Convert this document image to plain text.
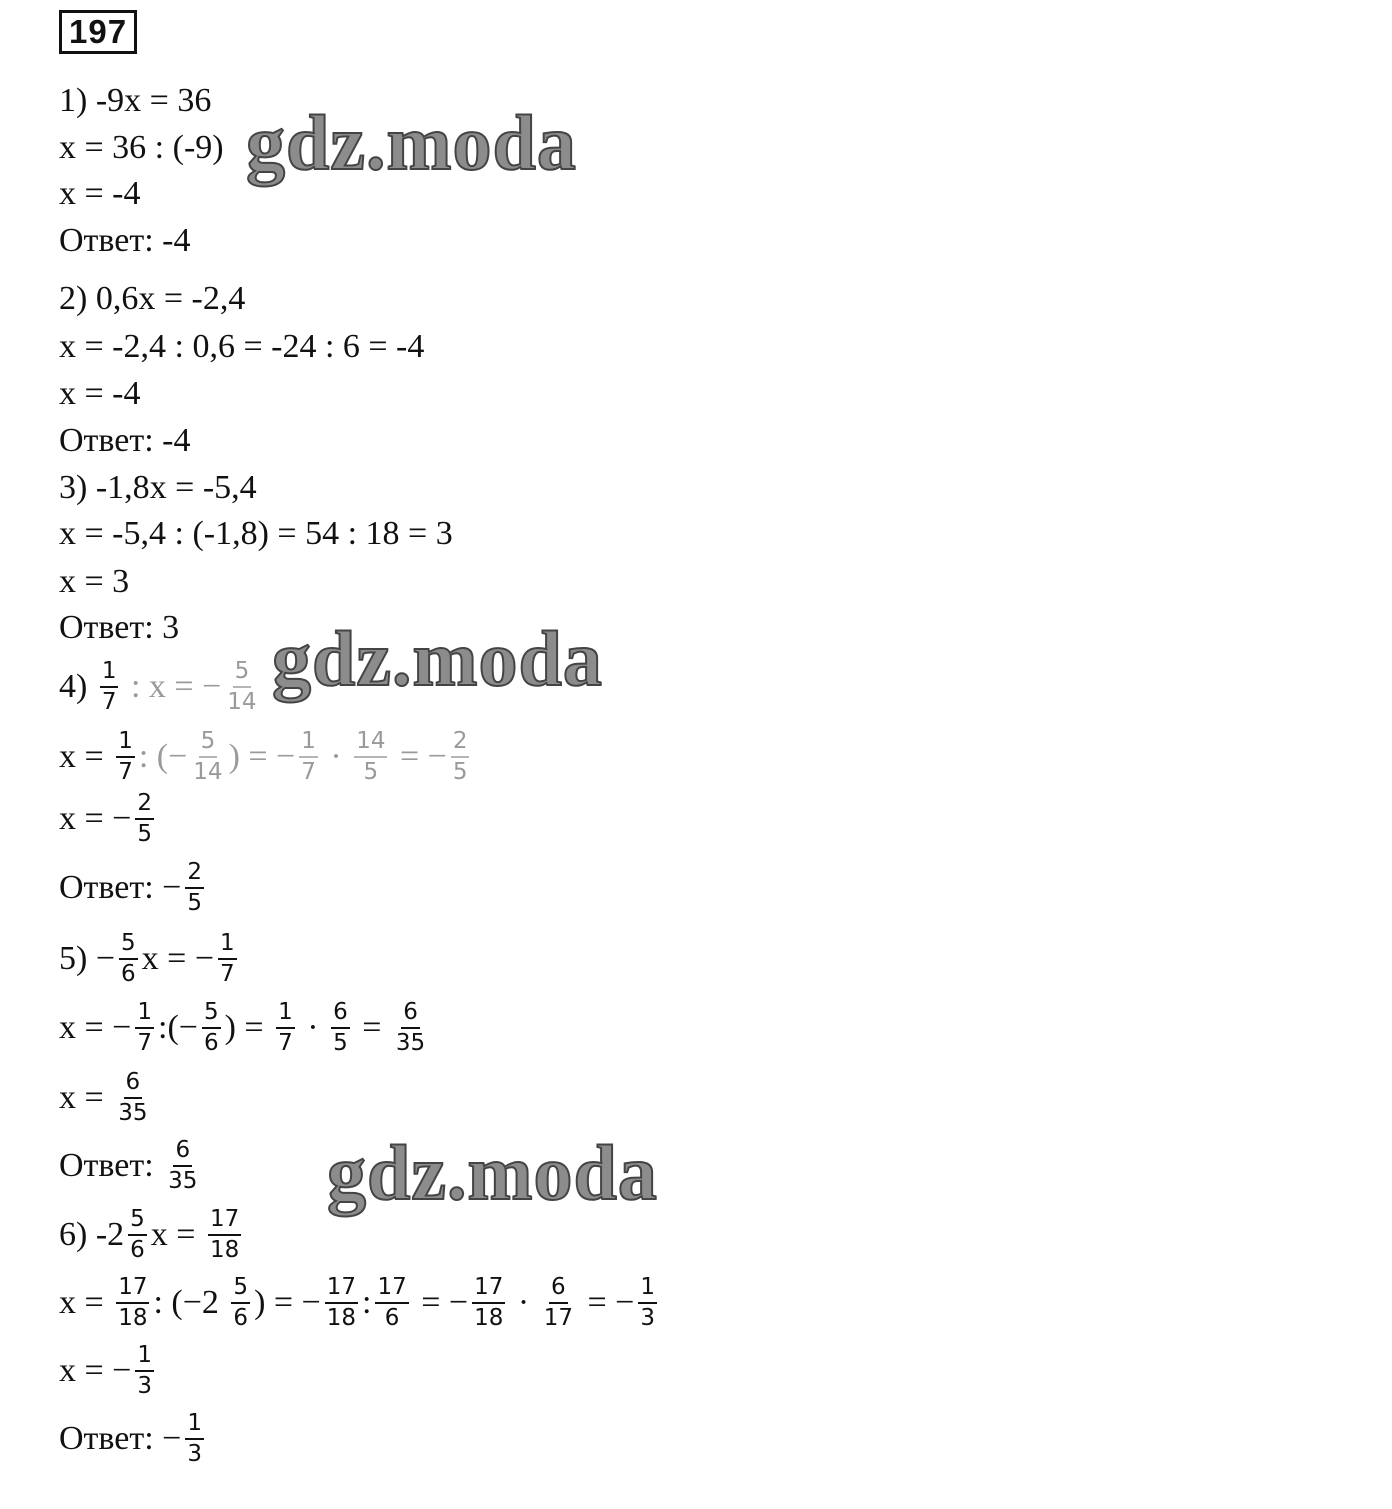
197
1) -9x = 36
x = 36 : (-9)
x = -4
Ответ: -4
2) 0,6x = -2,4
x = -2,4 : 0,6 = -24 : 6 = -4
x = -4
Ответ: -4
3) -1,8x = -5,4
x = -5,4 : (-1,8) = 54 : 18 = 3
x = 3
Ответ: 3
$4) \frac{1}{7}$ : x = − $\frac{5}{14}$
$x = \frac{1}{7}$ : (− $\frac{5}{14}$ ) = − $\frac{1}{7} \cdot \frac{14}{5}$ = − $\frac{2}{5}$
x = − $\frac{2}{5}$
Ответ: − $\frac{2}{5}$
$5) - \frac{5}{6}$ x = − $\frac{1}{7}$
x = − $\frac{1}{7}$ :(− $\frac{5}{6}$ ) = $\frac{1}{7} \cdot \frac{6}{5} = \frac{6}{35}$
$x = \frac{6}{35}$
Ответ: $\frac{6}{35}$
6) $-2 \frac{5}{6}$ $x = \frac{17}{18}$
$x = \frac{17}{18}$ : ($-2 \frac{5}{6}$ ) = − $\frac{17}{18}$ : $\frac{17}{6}$ = − $\frac{17}{18} \cdot \frac{6}{17}$ = − $\frac{1}{3}$
x = − $\frac{1}{3}$
Ответ: − $\frac{1}{3}$
gdz.moda
gdz.moda
gdz.moda
